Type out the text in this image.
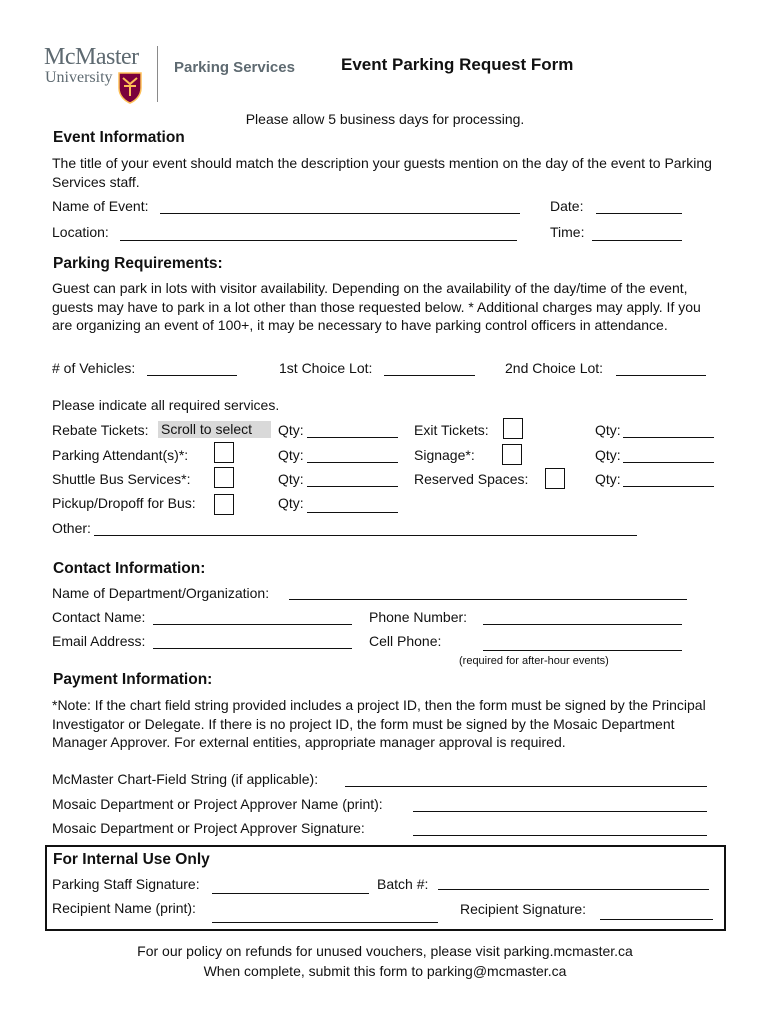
McMaster
University
Parking Services	Event Parking Request Form
Please allow 5 business days for processing.
Event Information
The title of your event should match the description your guests mention on the day of the event to Parking Services staff.
Name of Event:	Date:
Location:	Time:
Parking Requirements:
Guest can park in lots with visitor availability. Depending on the availability of the day/time of the event, guests may have to park in a lot other than those requested below. * Additional charges may apply. If you are organizing an event of 100+, it may be necessary to have parking control officers in attendance.
# of Vehicles:	1st Choice Lot:	2nd Choice Lot:
Please indicate all required services.
Rebate Tickets: Scroll to select	Qty:	Exit Tickets:	Qty:
Parking Attendant(s)*:	Qty:	Signage*:	Qty:
Shuttle Bus Services*:	Qty:	Reserved Spaces:	Qty:
Pickup/Dropoff for Bus:	Qty:
Other:
Contact Information:
Name of Department/Organization:
Contact Name:	Phone Number:
Email Address:	Cell Phone:
(required for after-hour events)
Payment Information:
*Note: If the chart field string provided includes a project ID, then the form must be signed by the Principal Investigator or Delegate. If there is no project ID, the form must be signed by the Mosaic Department Manager Approver. For external entities, appropriate manager approval is required.
McMaster Chart-Field String (if applicable):
Mosaic Department or Project Approver Name (print):
Mosaic Department or Project Approver Signature:
For Internal Use Only
Parking Staff Signature:	Batch #:
Recipient Name (print):	Recipient Signature:
For our policy on refunds for unused vouchers, please visit parking.mcmaster.ca
When complete, submit this form to parking@mcmaster.ca
